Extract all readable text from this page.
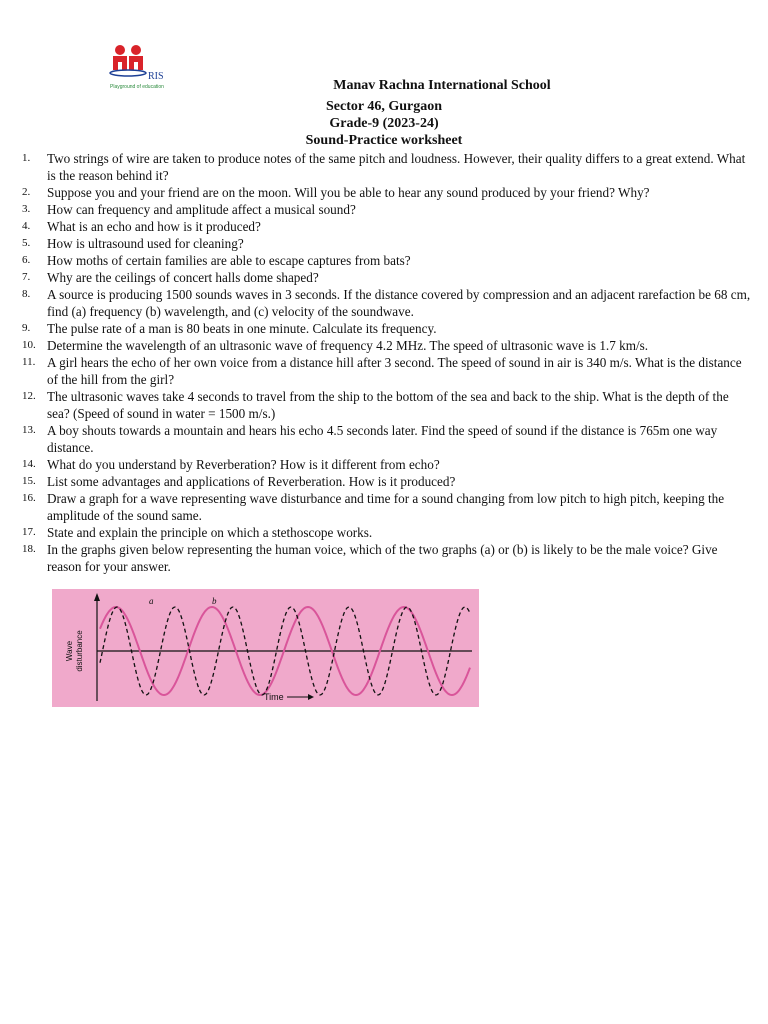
RIS
Playground of education	Manav Rachna International School
Sector 46, Gurgaon
Grade-9 (2023-24)
Sound-Practice worksheet
1. Two strings of wire are taken to produce notes of the same pitch and loudness. However, their quality differs to a great extend. What is the reason behind it?
2. Suppose you and your friend are on the moon. Will you be able to hear any sound produced by your friend? Why?
3. How can frequency and amplitude affect a musical sound?
4. What is an echo and how is it produced?
5. How is ultrasound used for cleaning?
6. How moths of certain families are able to escape captures from bats?
7. Why are the ceilings of concert halls dome shaped?
8. A source is producing 1500 sounds waves in 3 seconds. If the distance covered by compression and an adjacent rarefaction be 68 cm, find (a) frequency (b) wavelength, and (c) velocity of the soundwave.
9. The pulse rate of a man is 80 beats in one minute. Calculate its frequency.
10. Determine the wavelength of an ultrasonic wave of frequency 4.2 MHz. The speed of ultrasonic wave is 1.7 km/s.
11. A girl hears the echo of her own voice from a distance hill after 3 second. The speed of sound in air is 340 m/s. What is the distance of the hill from the girl?
12. The ultrasonic waves take 4 seconds to travel from the ship to the bottom of the sea and back to the ship. What is the depth of the sea? (Speed of sound in water = 1500 m/s.)
13. A boy shouts towards a mountain and hears his echo 4.5 seconds later. Find the speed of sound if the distance is 765m one way distance.
14. What do you understand by Reverberation? How is it different from echo?
15. List some advantages and applications of Reverberation. How is it produced?
16. Draw a graph for a wave representing wave disturbance and time for a sound changing from low pitch to high pitch, keeping the amplitude of the sound same.
17. State and explain the principle on which a stethoscope works.
18. In the graphs given below representing the human voice, which of the two graphs (a) or (b) is likely to be the male voice? Give reason for your answer.
Wavedisturbance
Time
a	b
